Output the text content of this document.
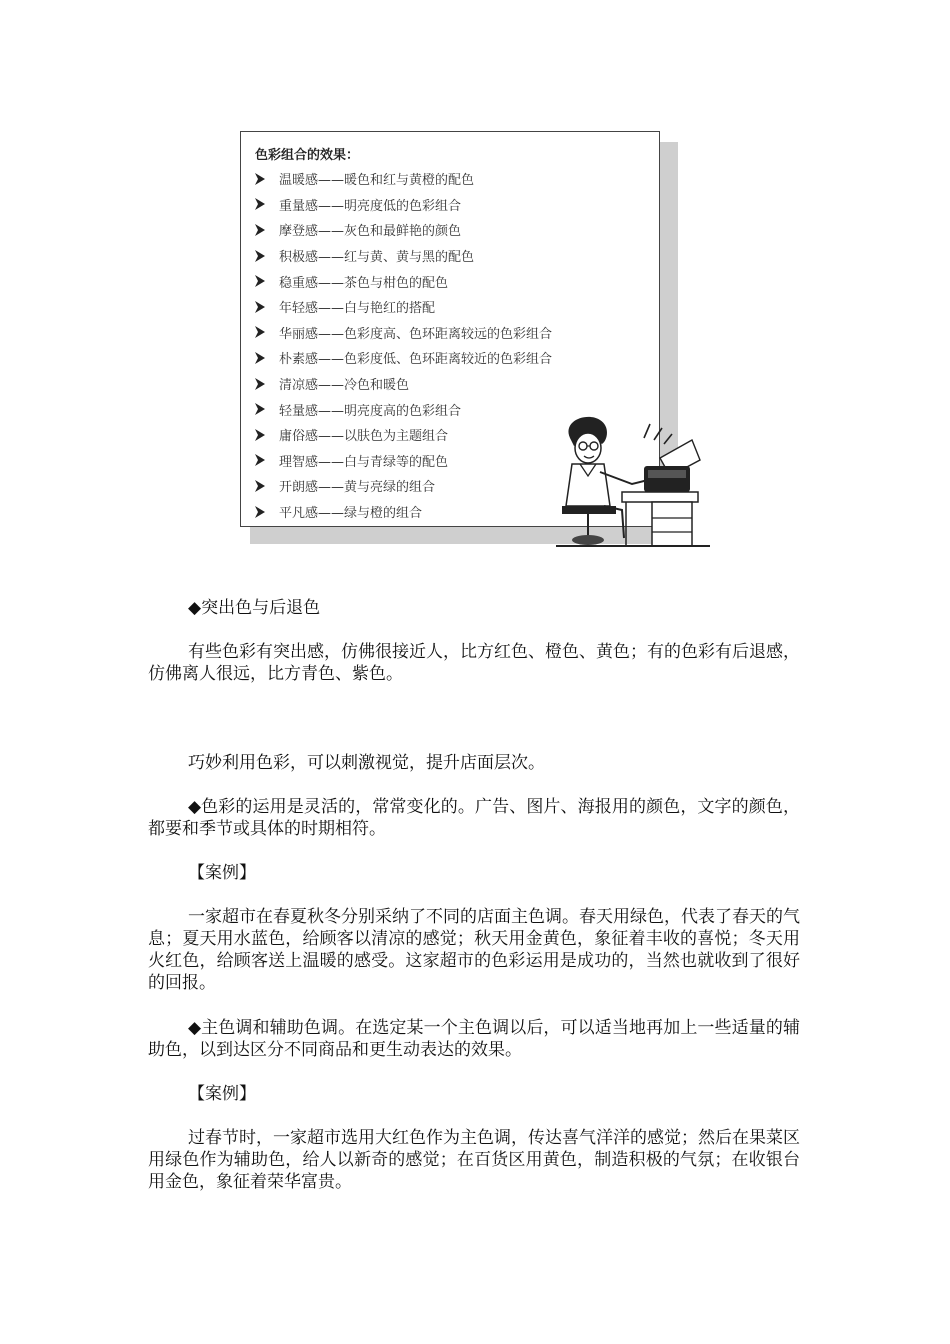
色彩组合的效果：
温暖感——暖色和红与黄橙的配色
重量感——明亮度低的色彩组合
摩登感——灰色和最鲜艳的颜色
积极感——红与黄、黄与黑的配色
稳重感——茶色与柑色的配色
年轻感——白与艳红的搭配
华丽感——色彩度高、色环距离较远的色彩组合
朴素感——色彩度低、色环距离较近的色彩组合
清凉感——冷色和暖色
轻量感——明亮度高的色彩组合
庸俗感——以肤色为主题组合
理智感——白与青绿等的配色
开朗感——黄与亮绿的组合
平凡感——绿与橙的组合

◆突出色与后退色

有些色彩有突出感，仿佛很接近人，比方红色、橙色、黄色；有的色彩有后退感，仿佛离人很远，比方青色、紫色。

巧妙利用色彩，可以刺激视觉，提升店面层次。

◆色彩的运用是灵活的，常常变化的。广告、图片、海报用的颜色，文字的颜色，都要和季节或具体的时期相符。

【案例】

一家超市在春夏秋冬分别采纳了不同的店面主色调。春天用绿色，代表了春天的气息；夏天用水蓝色，给顾客以清凉的感觉；秋天用金黄色，象征着丰收的喜悦；冬天用火红色，给顾客送上温暖的感受。这家超市的色彩运用是成功的，当然也就收到了很好的回报。

◆主色调和辅助色调。在选定某一个主色调以后，可以适当地再加上一些适量的辅助色，以到达区分不同商品和更生动表达的效果。

【案例】

过春节时，一家超市选用大红色作为主色调，传达喜气洋洋的感觉；然后在果菜区用绿色作为辅助色，给人以新奇的感觉；在百货区用黄色，制造积极的气氛；在收银台用金色，象征着荣华富贵。
